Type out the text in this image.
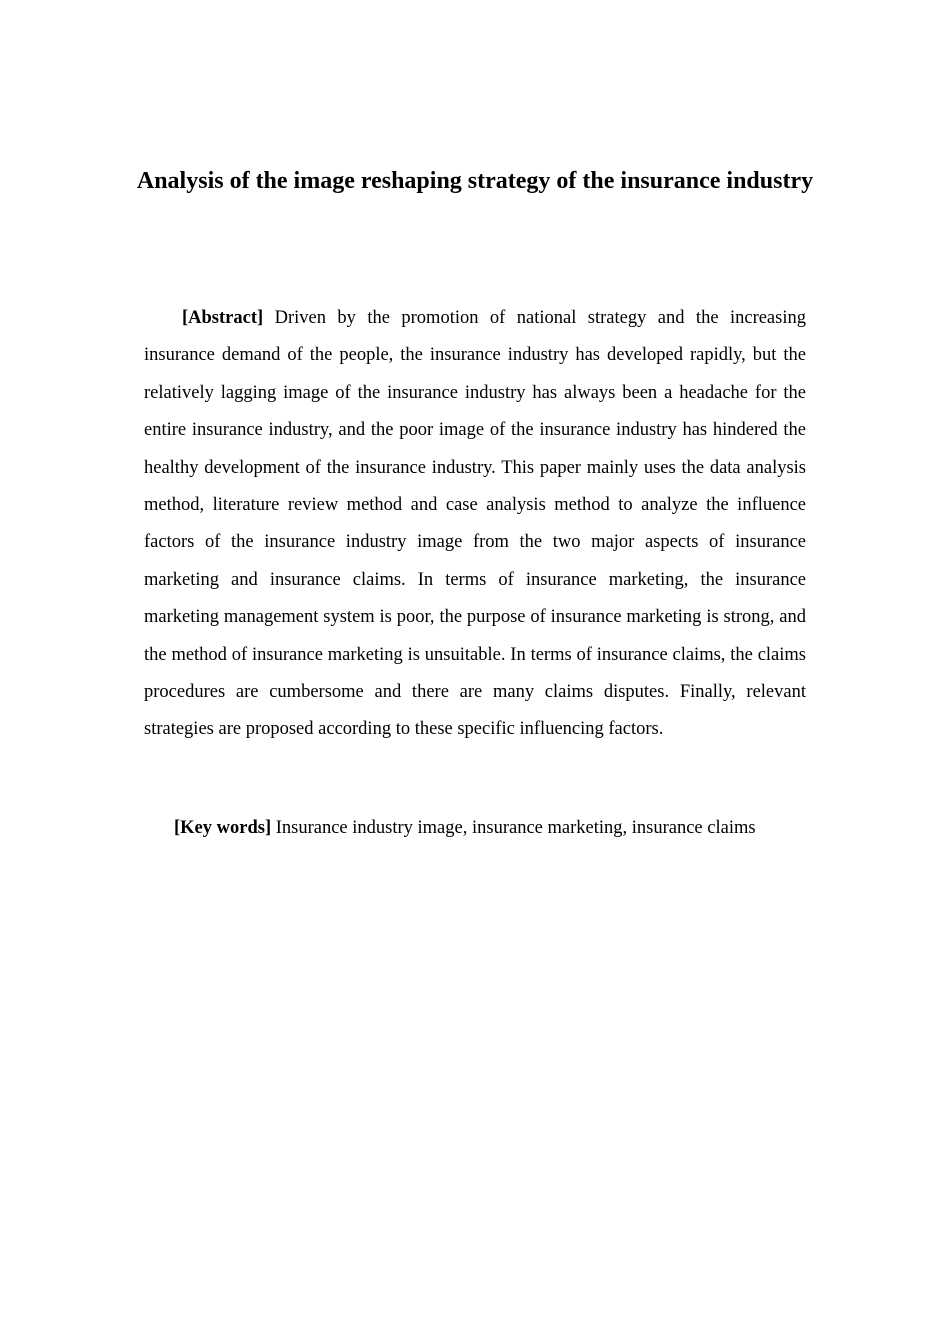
Analysis of the image reshaping strategy of the insurance industry

[Abstract] Driven by the promotion of national strategy and the increasing insurance demand of the people, the insurance industry has developed rapidly, but the relatively lagging image of the insurance industry has always been a headache for the entire insurance industry, and the poor image of the insurance industry has hindered the healthy development of the insurance industry. This paper mainly uses the data analysis method, literature review method and case analysis method to analyze the influence factors of the insurance industry image from the two major aspects of insurance marketing and insurance claims. In terms of insurance marketing, the insurance marketing management system is poor, the purpose of insurance marketing is strong, and the method of insurance marketing is unsuitable. In terms of insurance claims, the claims procedures are cumbersome and there are many claims disputes. Finally, relevant strategies are proposed according to these specific influencing factors.

[Key words] Insurance industry image, insurance marketing, insurance claims
